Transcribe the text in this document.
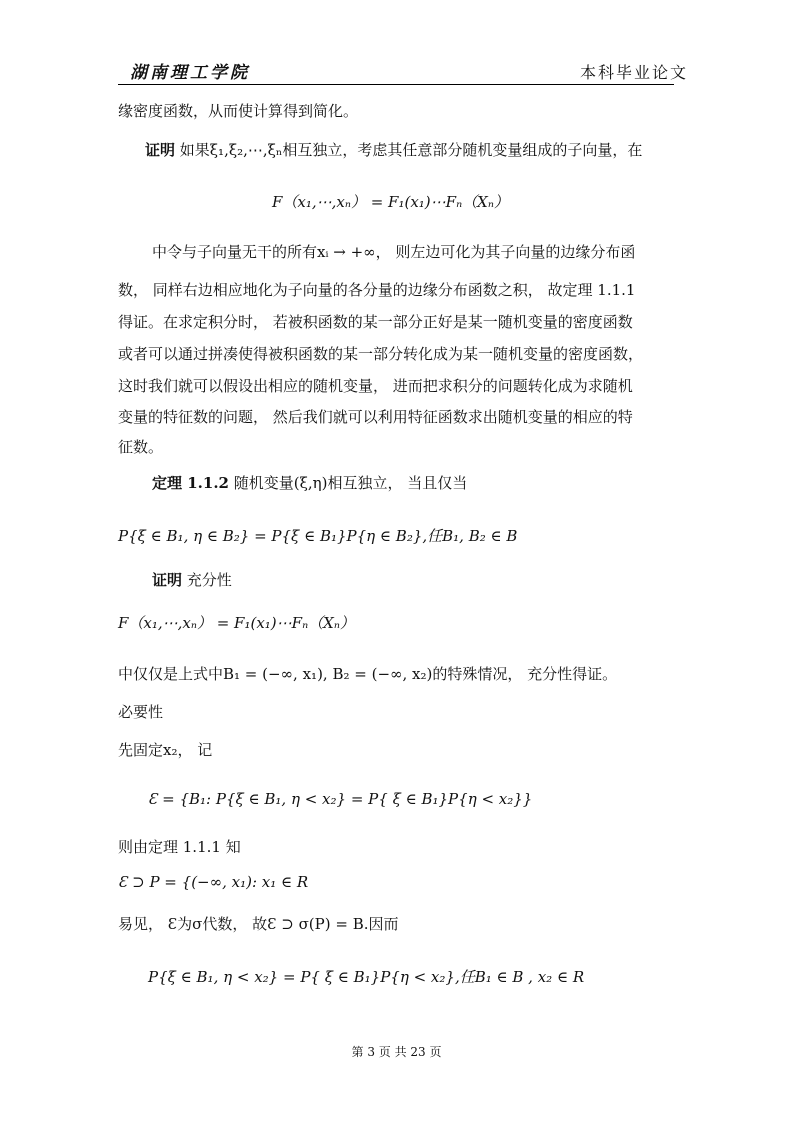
湖南理工学院	本科毕业论文
缘密度函数，从而使计算得到简化。
证明 如果ξ₁,ξ₂,⋯,ξₙ相互独立，考虑其任意部分随机变量组成的子向量，在
F（x₁,⋯,xₙ） = F₁(x₁)⋯Fₙ（Xₙ）
中令与子向量无干的所有xᵢ → +∞， 则左边可化为其子向量的边缘分布函
数， 同样右边相应地化为子向量的各分量的边缘分布函数之积， 故定理 1.1.1
得证。在求定积分时， 若被积函数的某一部分正好是某一随机变量的密度函数
或者可以通过拼凑使得被积函数的某一部分转化成为某一随机变量的密度函数，
这时我们就可以假设出相应的随机变量， 进而把求积分的问题转化成为求随机
变量的特征数的问题， 然后我们就可以利用特征函数求出随机变量的相应的特
征数。
定理 1.1.2 随机变量(ξ,η)相互独立， 当且仅当
P{ξ ∈ B₁, η ∈ B₂} = P{ξ ∈ B₁}P{η ∈ B₂},任B₁, B₂ ∈ B
证明 充分性
F（x₁,⋯,xₙ） = F₁(x₁)⋯Fₙ（Xₙ）
中仅仅是上式中B₁ = (−∞, x₁), B₂ = (−∞, x₂)的特殊情况， 充分性得证。
必要性
先固定x₂， 记
Ɛ = {B₁: P{ξ ∈ B₁, η < x₂} = P{ ξ ∈ B₁}P{η < x₂}}
则由定理 1.1.1 知
Ɛ ⊃ P = {(−∞, x₁): x₁ ∈ R
易见， Ɛ为σ代数， 故Ɛ ⊃ σ(P) = B.因而
P{ξ ∈ B₁, η < x₂} = P{ ξ ∈ B₁}P{η < x₂},任B₁ ∈ B , x₂ ∈ R
第 3 页 共 23 页
